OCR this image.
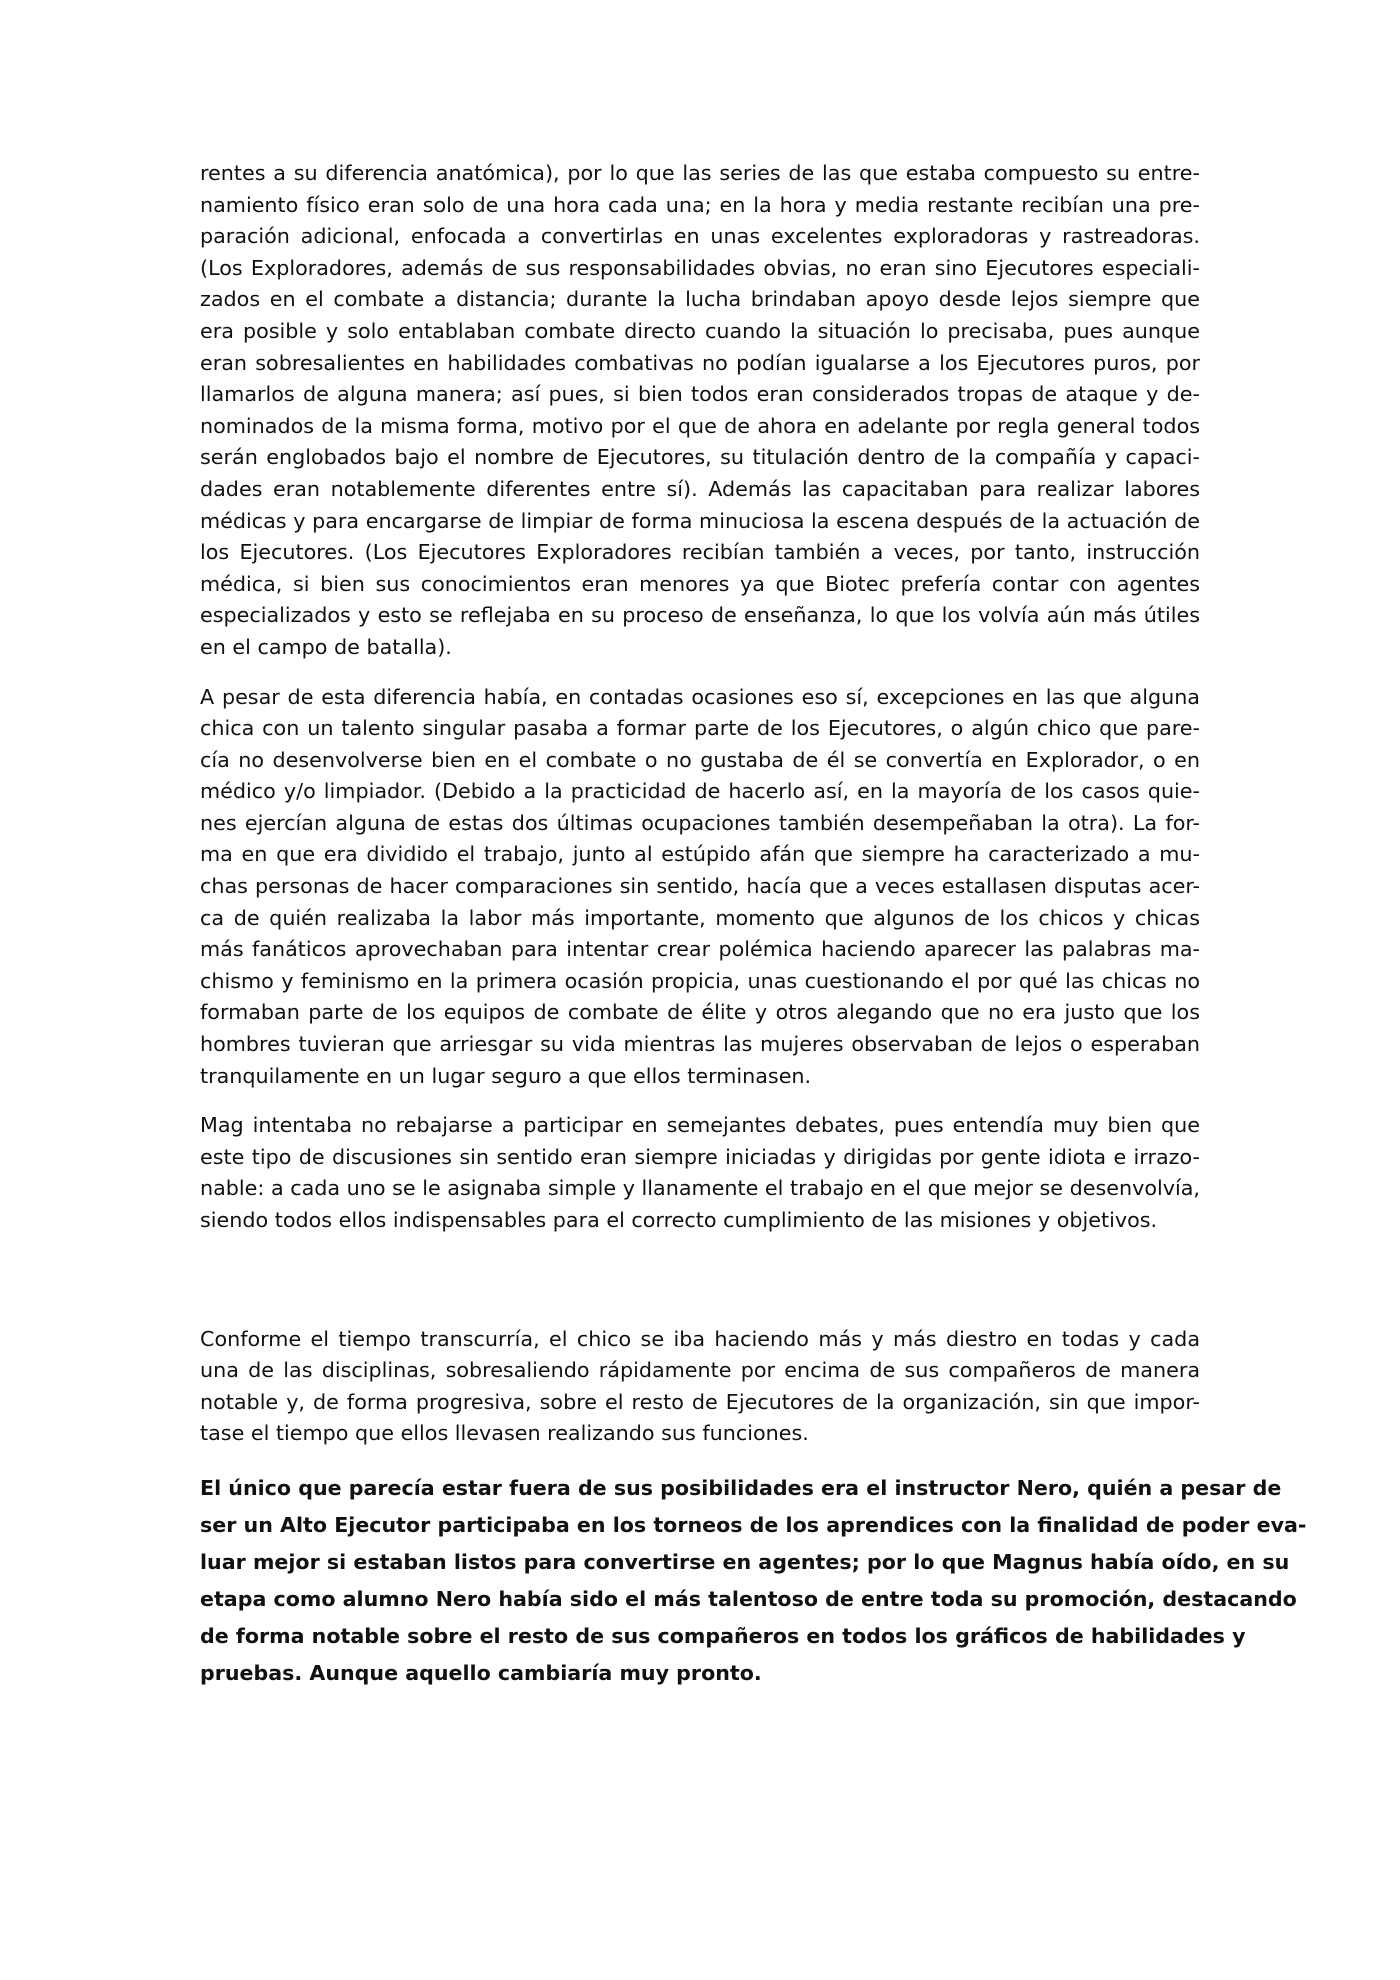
rentes a su diferencia anatómica), por lo que las series de las que estaba compuesto su entre-
namiento físico eran solo de una hora cada una; en la hora y media restante recibían una pre-
paración adicional, enfocada a convertirlas en unas excelentes exploradoras y rastreadoras.
(Los Exploradores, además de sus responsabilidades obvias, no eran sino Ejecutores especiali-
zados en el combate a distancia; durante la lucha brindaban apoyo desde lejos siempre que
era posible y solo entablaban combate directo cuando la situación lo precisaba, pues aunque
eran sobresalientes en habilidades combativas no podían igualarse a los Ejecutores puros, por
llamarlos de alguna manera; así pues, si bien todos eran considerados tropas de ataque y de-
nominados de la misma forma, motivo por el que de ahora en adelante por regla general todos
serán englobados bajo el nombre de Ejecutores, su titulación dentro de la compañía y capaci-
dades eran notablemente diferentes entre sí). Además las capacitaban para realizar labores
médicas y para encargarse de limpiar de forma minuciosa la escena después de la actuación de
los Ejecutores. (Los Ejecutores Exploradores recibían también a veces, por tanto, instrucción
médica, si bien sus conocimientos eran menores ya que Biotec prefería contar con agentes
especializados y esto se reflejaba en su proceso de enseñanza, lo que los volvía aún más útiles
en el campo de batalla).

A pesar de esta diferencia había, en contadas ocasiones eso sí, excepciones en las que alguna
chica con un talento singular pasaba a formar parte de los Ejecutores, o algún chico que pare-
cía no desenvolverse bien en el combate o no gustaba de él se convertía en Explorador, o en
médico y/o limpiador. (Debido a la practicidad de hacerlo así, en la mayoría de los casos quie-
nes ejercían alguna de estas dos últimas ocupaciones también desempeñaban la otra). La for-
ma en que era dividido el trabajo, junto al estúpido afán que siempre ha caracterizado a mu-
chas personas de hacer comparaciones sin sentido, hacía que a veces estallasen disputas acer-
ca de quién realizaba la labor más importante, momento que algunos de los chicos y chicas
más fanáticos aprovechaban para intentar crear polémica haciendo aparecer las palabras ma-
chismo y feminismo en la primera ocasión propicia, unas cuestionando el por qué las chicas no
formaban parte de los equipos de combate de élite y otros alegando que no era justo que los
hombres tuvieran que arriesgar su vida mientras las mujeres observaban de lejos o esperaban
tranquilamente en un lugar seguro a que ellos terminasen.

Mag intentaba no rebajarse a participar en semejantes debates, pues entendía muy bien que
este tipo de discusiones sin sentido eran siempre iniciadas y dirigidas por gente idiota e irrazo-
nable: a cada uno se le asignaba simple y llanamente el trabajo en el que mejor se desenvolvía,
siendo todos ellos indispensables para el correcto cumplimiento de las misiones y objetivos.

Conforme el tiempo transcurría, el chico se iba haciendo más y más diestro en todas y cada
una de las disciplinas, sobresaliendo rápidamente por encima de sus compañeros de manera
notable y, de forma progresiva, sobre el resto de Ejecutores de la organización, sin que impor-
tase el tiempo que ellos llevasen realizando sus funciones.

El único que parecía estar fuera de sus posibilidades era el instructor Nero, quién a pesar de
ser un Alto Ejecutor participaba en los torneos de los aprendices con la finalidad de poder eva-
luar mejor si estaban listos para convertirse en agentes; por lo que Magnus había oído, en su
etapa como alumno Nero había sido el más talentoso de entre toda su promoción, destacando
de forma notable sobre el resto de sus compañeros en todos los gráficos de habilidades y
pruebas. Aunque aquello cambiaría muy pronto.
